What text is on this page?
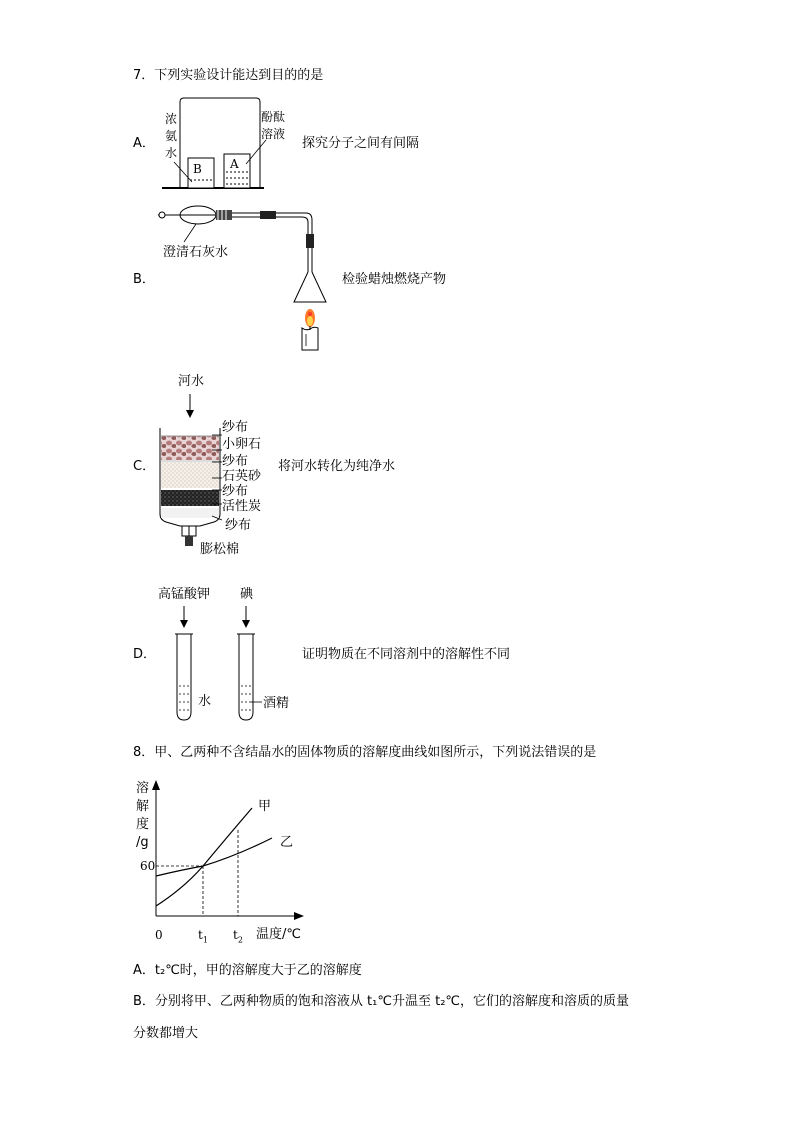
7．下列实验设计能达到目的的是
A．
B A
浓
氨
水
酚酞
溶液
探究分子之间有间隔
澄清石灰水
B．	检验蜡烛燃烧产物
河水
纱布
小卵石
纱布
石英砂
纱布
活性炭
纱布
膨松棉
C．	将河水转化为纯净水
高锰酸钾 碘
水	酒精
D．	证明物质在不同溶剂中的溶解性不同
8．甲、乙两种不含结晶水的固体物质的溶解度曲线如图所示，下列说法错误的是
溶
解
度
/g
60
0	$t_1$ $t_2$ 温度/℃
甲
乙
A．t₂℃时，甲的溶解度大于乙的溶解度
B．分别将甲、乙两种物质的饱和溶液从 t₁℃升温至 t₂℃，它们的溶解度和溶质的质量
分数都增大
